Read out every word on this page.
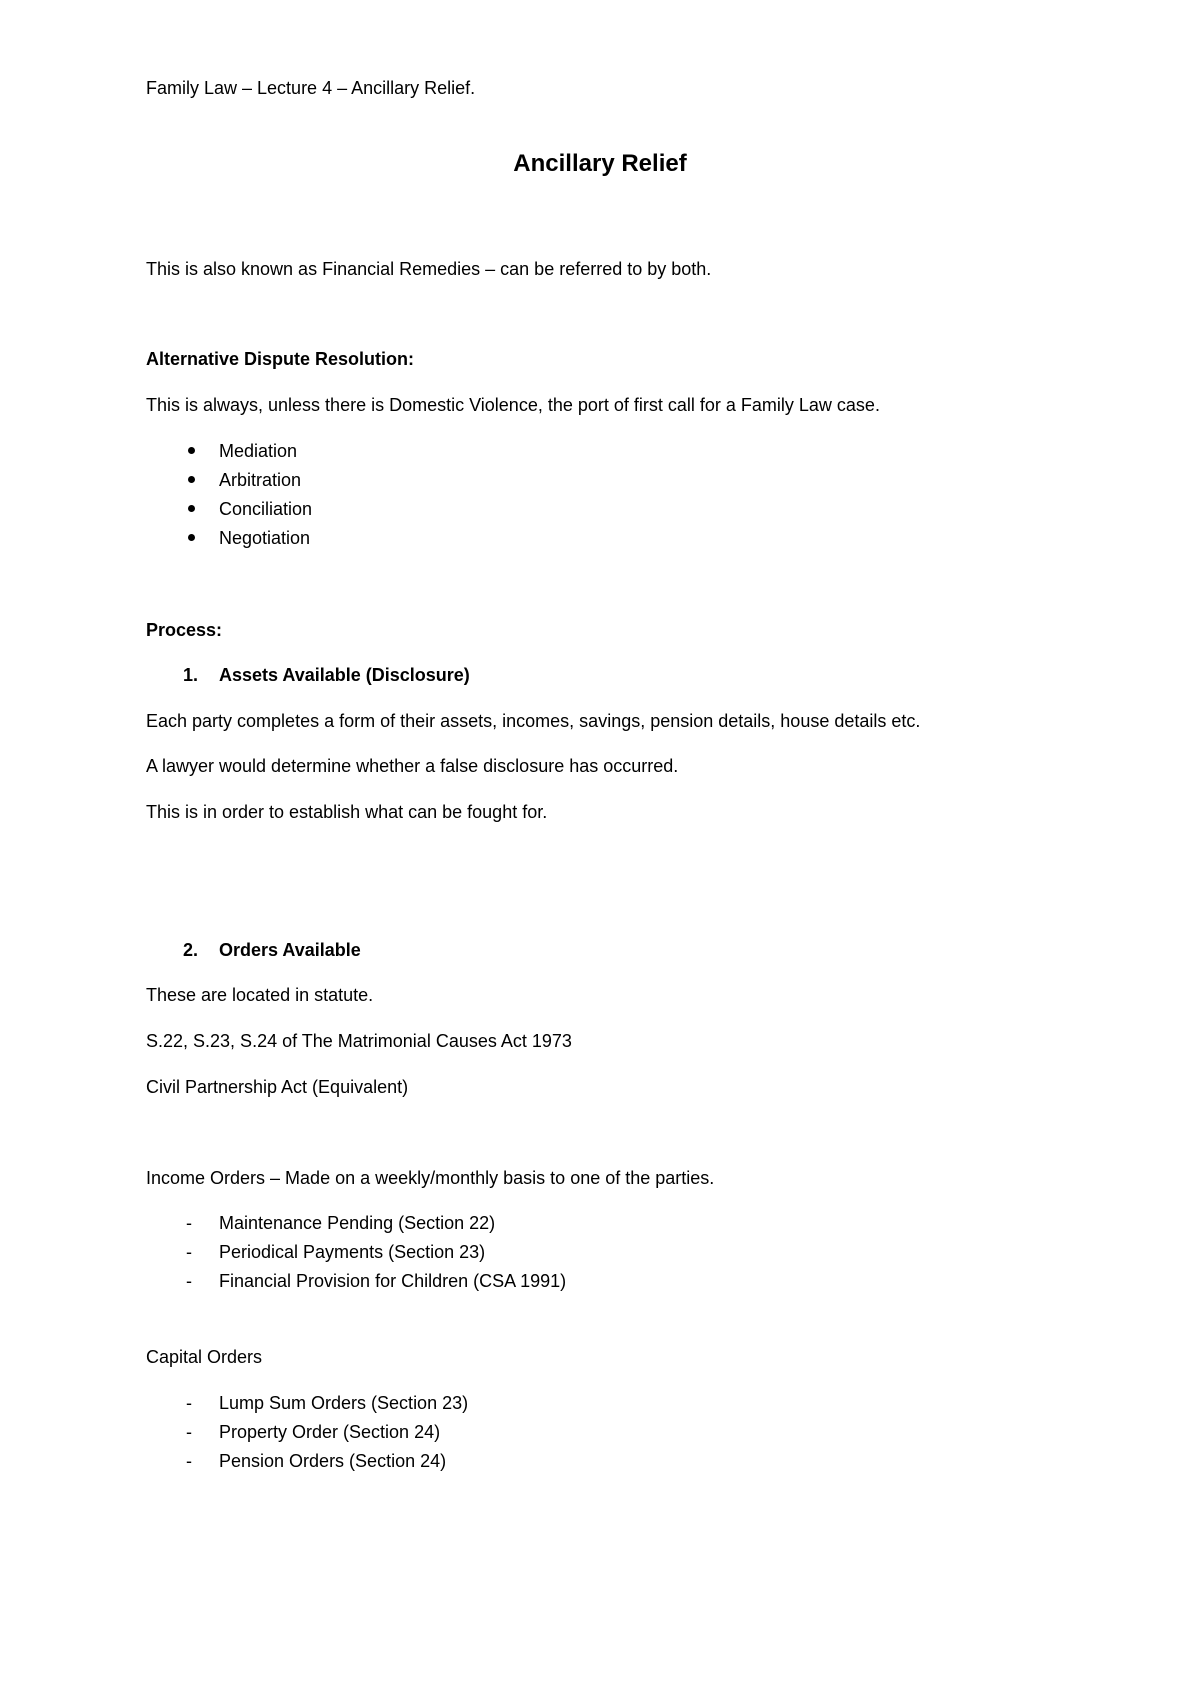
Family Law – Lecture 4 – Ancillary Relief.
Ancillary Relief
This is also known as Financial Remedies – can be referred to by both.
Alternative Dispute Resolution:
This is always, unless there is Domestic Violence, the port of first call for a Family Law case.
Mediation
Arbitration
Conciliation
Negotiation
Process:
1. Assets Available (Disclosure)
Each party completes a form of their assets, incomes, savings, pension details, house details etc.
A lawyer would determine whether a false disclosure has occurred.
This is in order to establish what can be fought for.
2. Orders Available
These are located in statute.
S.22, S.23, S.24 of The Matrimonial Causes Act 1973
Civil Partnership Act (Equivalent)
Income Orders – Made on a weekly/monthly basis to one of the parties.
- Maintenance Pending (Section 22)
- Periodical Payments (Section 23)
- Financial Provision for Children (CSA 1991)
Capital Orders
- Lump Sum Orders (Section 23)
- Property Order (Section 24)
- Pension Orders (Section 24)
